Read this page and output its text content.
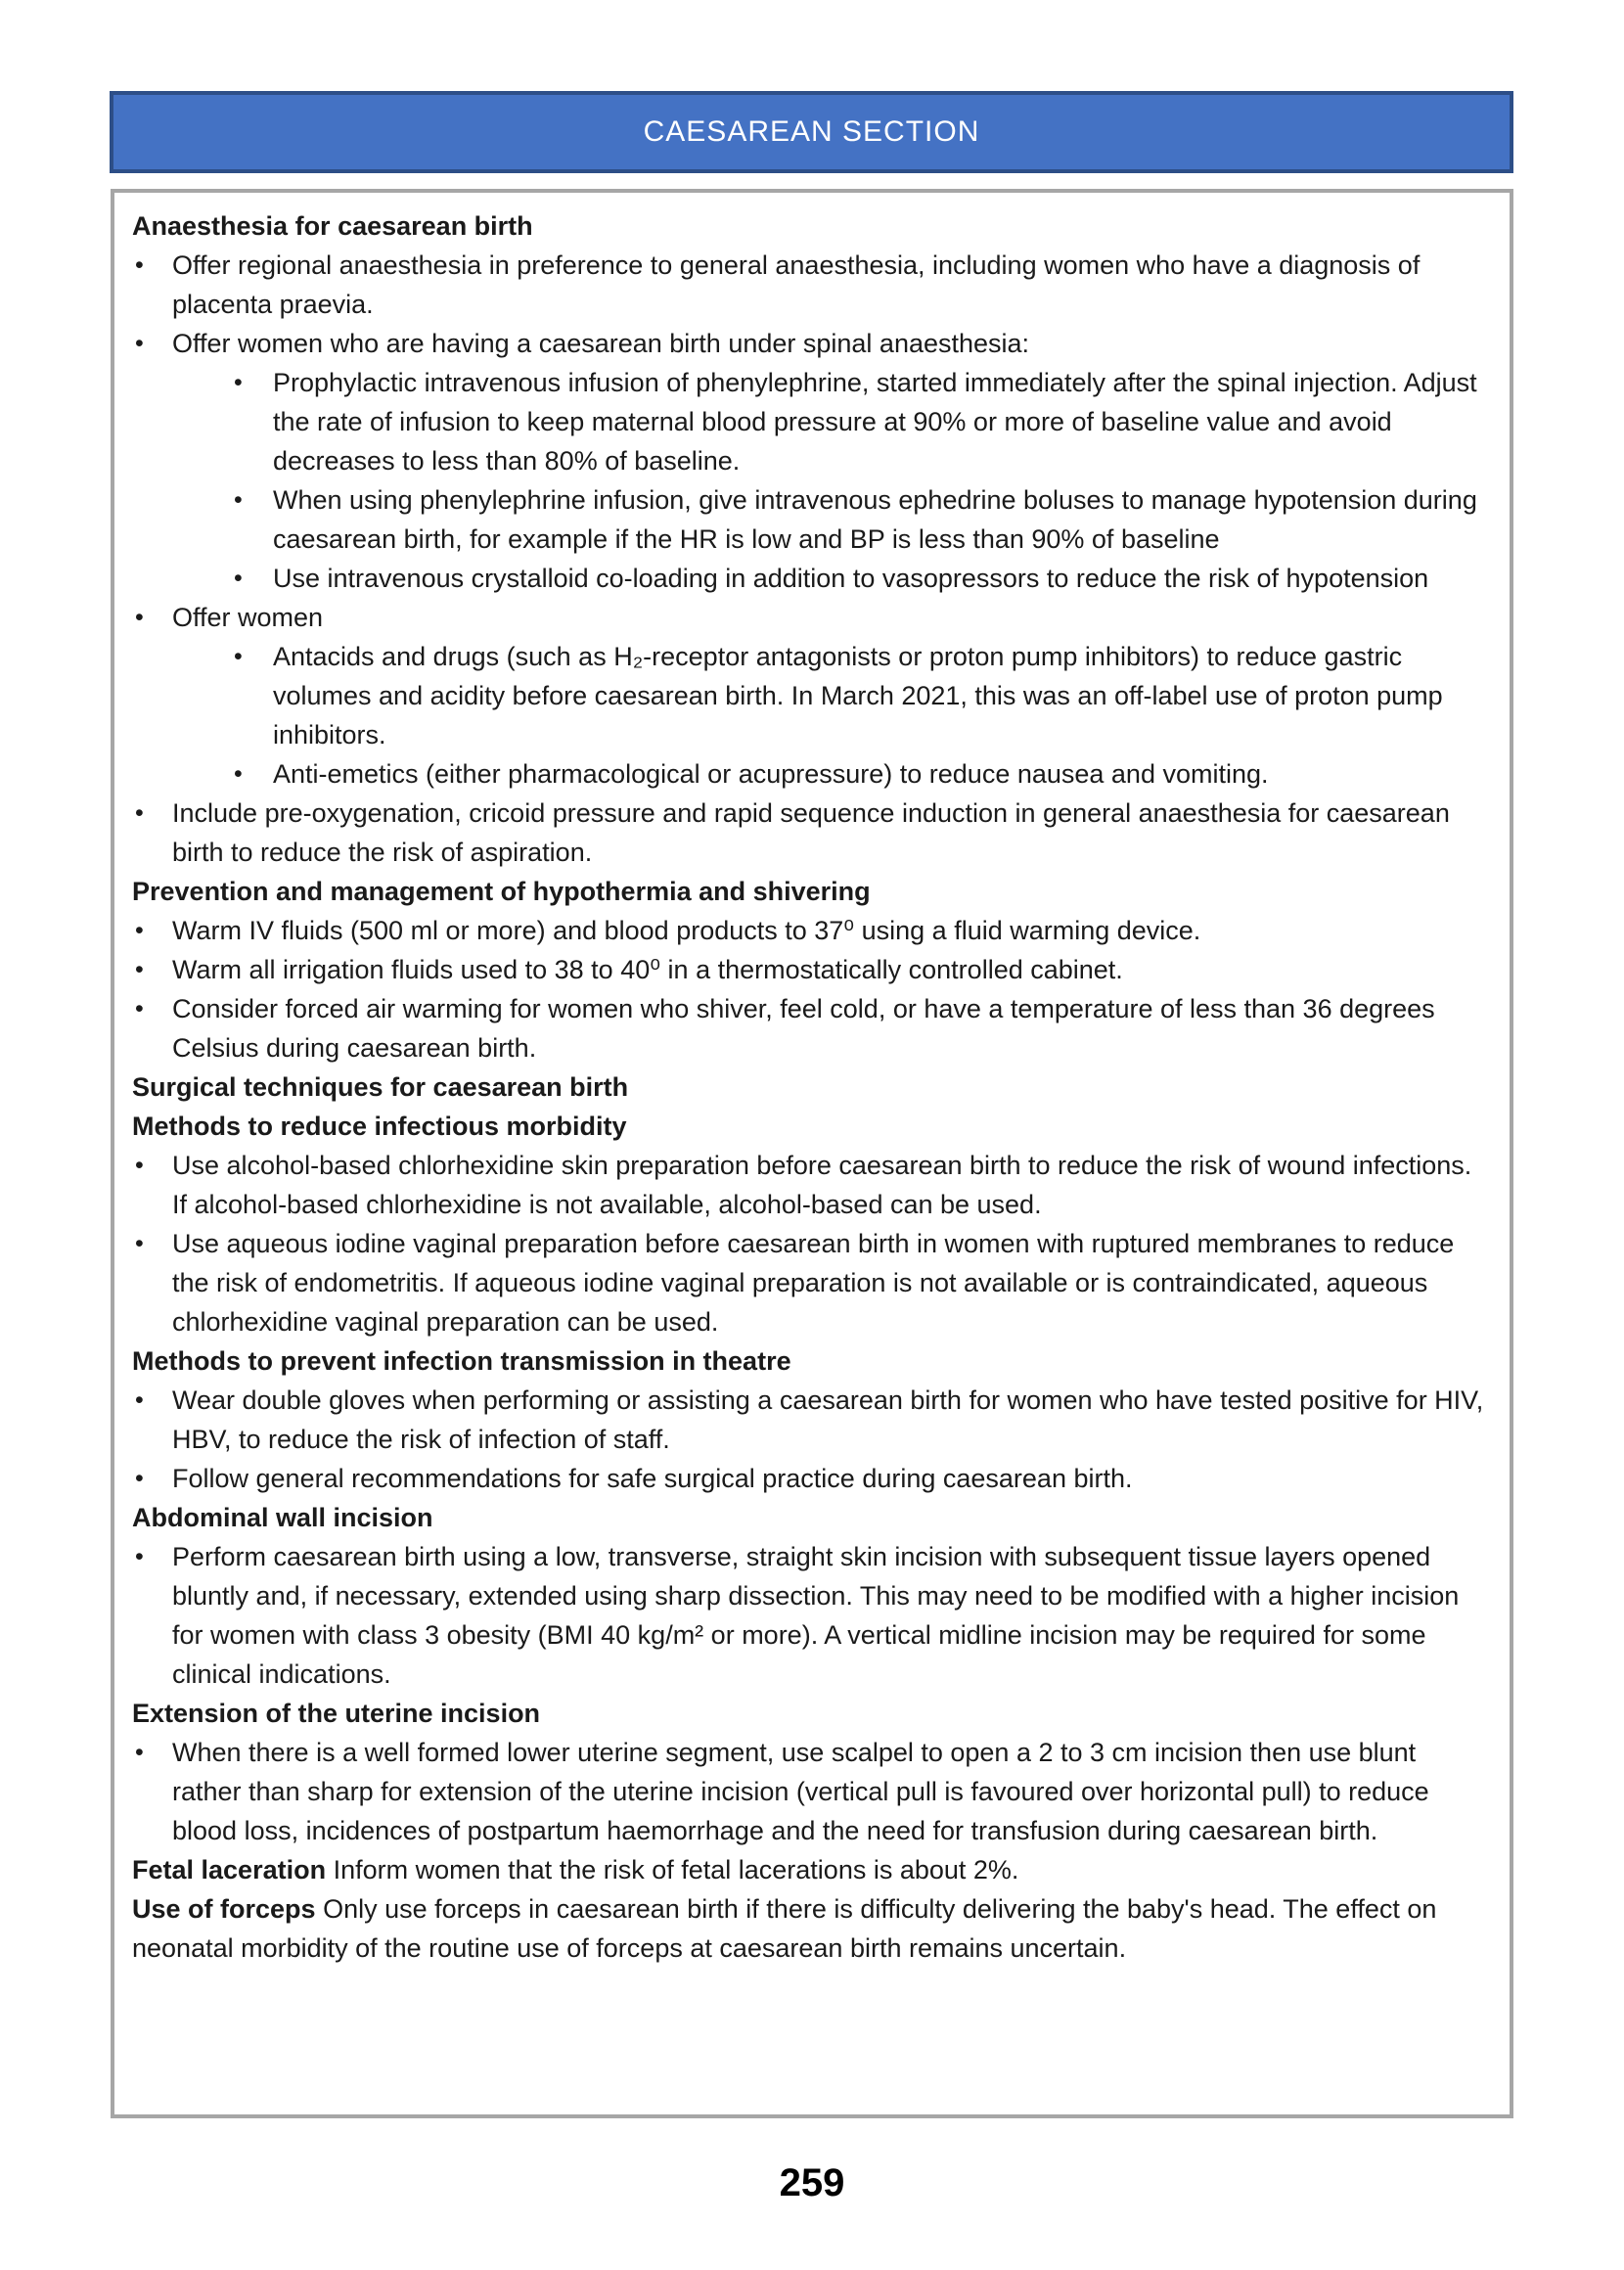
CAESAREAN SECTION
Anaesthesia for caesarean birth
•	Offer regional anaesthesia in preference to general anaesthesia, including women who have a diagnosis of placenta praevia.
•	Offer women who are having a caesarean birth under spinal anaesthesia:
•	Prophylactic intravenous infusion of phenylephrine, started immediately after the spinal injection. Adjust the rate of infusion to keep maternal blood pressure at 90% or more of baseline value and avoid decreases to less than 80% of baseline.
•	When using phenylephrine infusion, give intravenous ephedrine boluses to manage hypotension during caesarean birth, for example if the HR is low and BP is less than 90% of baseline
•	Use intravenous crystalloid co-loading in addition to vasopressors to reduce the risk of hypotension
•	Offer women
•	Antacids and drugs (such as H₂-receptor antagonists or proton pump inhibitors) to reduce gastric volumes and acidity before caesarean birth. In March 2021, this was an off-label use of proton pump inhibitors.
•	Anti-emetics (either pharmacological or acupressure) to reduce nausea and vomiting.
•	Include pre-oxygenation, cricoid pressure and rapid sequence induction in general anaesthesia for caesarean birth to reduce the risk of aspiration.
Prevention and management of hypothermia and shivering
•	Warm IV fluids (500 ml or more) and blood products to 37⁰ using a fluid warming device.
•	Warm all irrigation fluids used to 38 to 40⁰ in a thermostatically controlled cabinet.
•	Consider forced air warming for women who shiver, feel cold, or have a temperature of less than 36 degrees Celsius during caesarean birth.
Surgical techniques for caesarean birth
Methods to reduce infectious morbidity
•	Use alcohol-based chlorhexidine skin preparation before caesarean birth to reduce the risk of wound infections. If alcohol-based chlorhexidine is not available, alcohol-based can be used.
•	Use aqueous iodine vaginal preparation before caesarean birth in women with ruptured membranes to reduce the risk of endometritis. If aqueous iodine vaginal preparation is not available or is contraindicated, aqueous chlorhexidine vaginal preparation can be used.
Methods to prevent infection transmission in theatre
•	Wear double gloves when performing or assisting a caesarean birth for women who have tested positive for HIV, HBV, to reduce the risk of infection of staff.
•	Follow general recommendations for safe surgical practice during caesarean birth.
Abdominal wall incision
•	Perform caesarean birth using a low, transverse, straight skin incision with subsequent tissue layers opened bluntly and, if necessary, extended using sharp dissection. This may need to be modified with a higher incision for women with class 3 obesity (BMI 40 kg/m² or more). A vertical midline incision may be required for some clinical indications.
Extension of the uterine incision
•	When there is a well formed lower uterine segment, use scalpel to open a 2 to 3 cm incision then use blunt rather than sharp for extension of the uterine incision (vertical pull is favoured over horizontal pull) to reduce blood loss, incidences of postpartum haemorrhage and the need for transfusion during caesarean birth.
Fetal laceration Inform women that the risk of fetal lacerations is about 2%.
Use of forceps Only use forceps in caesarean birth if there is difficulty delivering the baby's head. The effect on neonatal morbidity of the routine use of forceps at caesarean birth remains uncertain.
259
